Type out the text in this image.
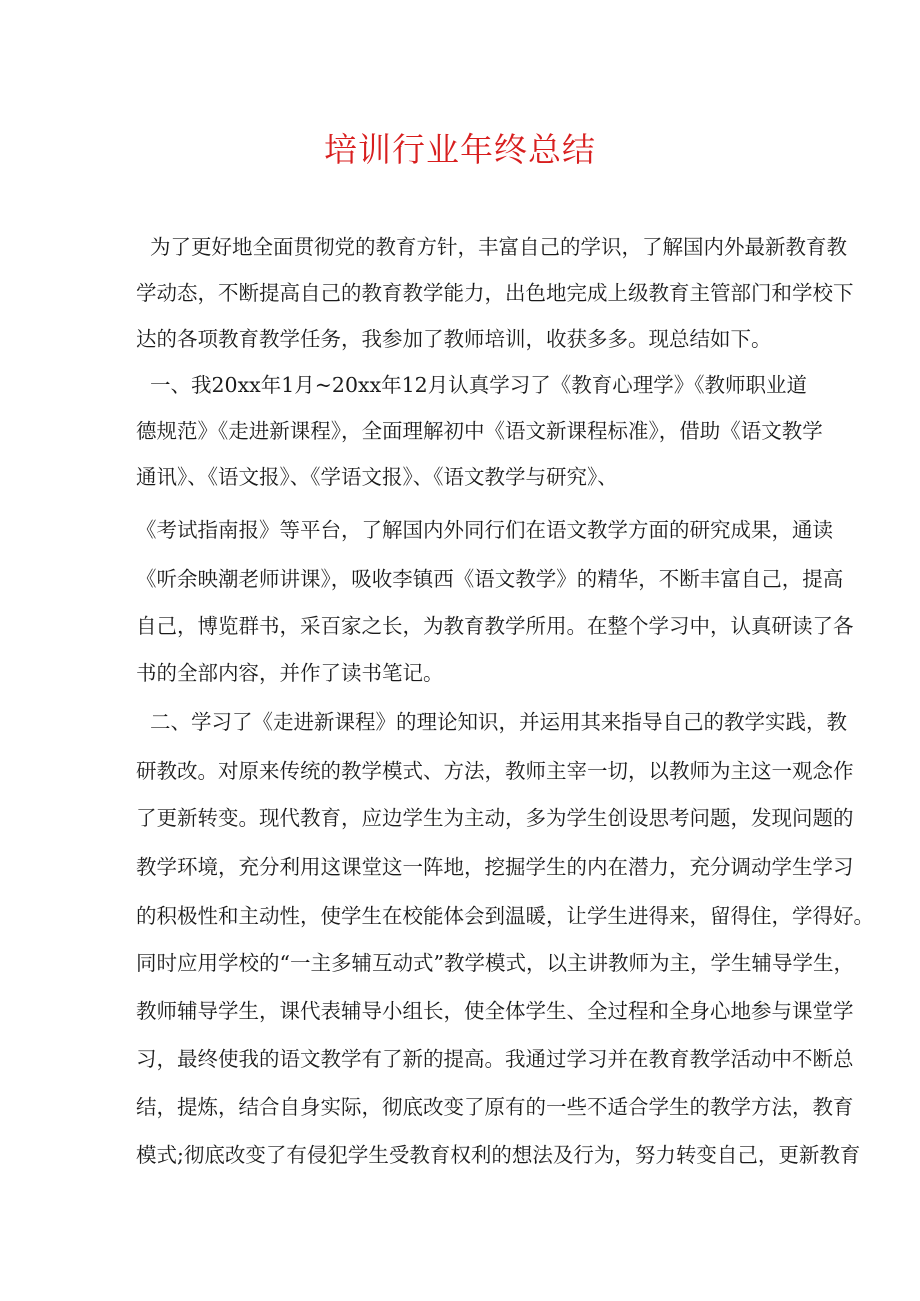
培训行业年终总结

为了更好地全面贯彻党的教育方针，丰富自己的学识，了解国内外最新教育教

学动态，不断提高自己的教育教学能力，出色地完成上级教育主管部门和学校下

达的各项教育教学任务，我参加了教师培训，收获多多。现总结如下。

一、我20xx年1月~20xx年12月认真学习了《教育心理学》《教师职业道

德规范》《走进新课程》，全面理解初中《语文新课程标准》，借助《语文教学

通讯》、《语文报》、《学语文报》、《语文教学与研究》、

《考试指南报》等平台，了解国内外同行们在语文教学方面的研究成果，通读

《听余映潮老师讲课》，吸收李镇西《语文教学》的精华，不断丰富自己，提高

自己，博览群书，采百家之长，为教育教学所用。在整个学习中，认真研读了各

书的全部内容，并作了读书笔记。

二、学习了《走进新课程》的理论知识，并运用其来指导自己的教学实践，教

研教改。对原来传统的教学模式、方法，教师主宰一切，以教师为主这一观念作

了更新转变。现代教育，应边学生为主动，多为学生创设思考问题，发现问题的

教学环境，充分利用这课堂这一阵地，挖掘学生的内在潜力，充分调动学生学习

的积极性和主动性，使学生在校能体会到温暖，让学生进得来，留得住，学得好。

同时应用学校的“一主多辅互动式”教学模式，以主讲教师为主，学生辅导学生，

教师辅导学生，课代表辅导小组长，使全体学生、全过程和全身心地参与课堂学

习，最终使我的语文教学有了新的提高。我通过学习并在教育教学活动中不断总

结，提炼，结合自身实际，彻底改变了原有的一些不适合学生的教学方法，教育

模式;彻底改变了有侵犯学生受教育权利的想法及行为，努力转变自己，更新教育
